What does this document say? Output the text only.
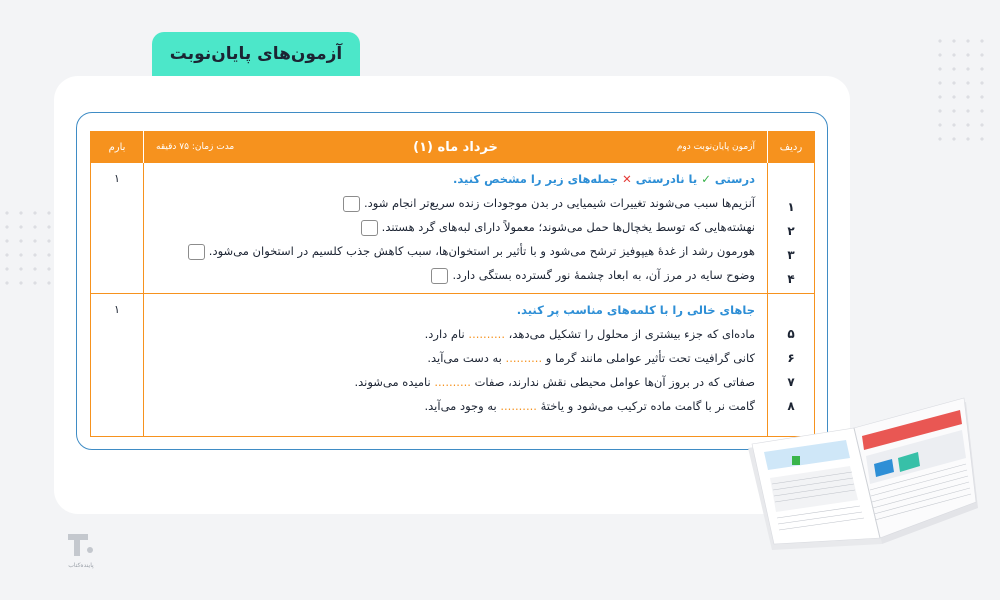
آزمون‌های پایان‌نوبت
ردیف
آزمون پایان‌نوبت دوم
خرداد ماه (۱)
مدت زمان: ۷۵ دقیقه
بارم
درستی ✓ یا نادرستی ✕ جمله‌های زیر را مشخص کنید.
آنزیم‌ها سبب می‌شوند تغییرات شیمیایی در بدن موجودات زنده سریع‌تر انجام شود.
نهشته‌هایی که توسط یخچال‌ها حمل می‌شوند؛ معمولاً دارای لبه‌های گرد هستند.
هورمون رشد از غدهٔ هیپوفیز ترشح می‌شود و با تأثیر بر استخوان‌ها، سبب کاهش جذب کلسیم در استخوان می‌شود.
وضوح سایه در مرز آن، به ابعاد چشمهٔ نور گسترده بستگی دارد.
۱
۱
۲
۳
۴
جاهای خالی را با کلمه‌های مناسب پر کنید.
ماده‌ای که جزء بیشتری از محلول را تشکیل می‌دهد، .......... نام دارد.
کانی گرافیت تحت تأثیر عواملی مانند گرما و .......... به دست می‌آید.
صفاتی که در بروز آن‌ها عوامل محیطی نقش ندارند، صفات .......... نامیده می‌شوند.
گامت نر با گامت ماده ترکیب می‌شود و یاختهٔ .......... به وجود می‌آید.
۱
۵
۶
۷
۸
پاینده‌کتاب
